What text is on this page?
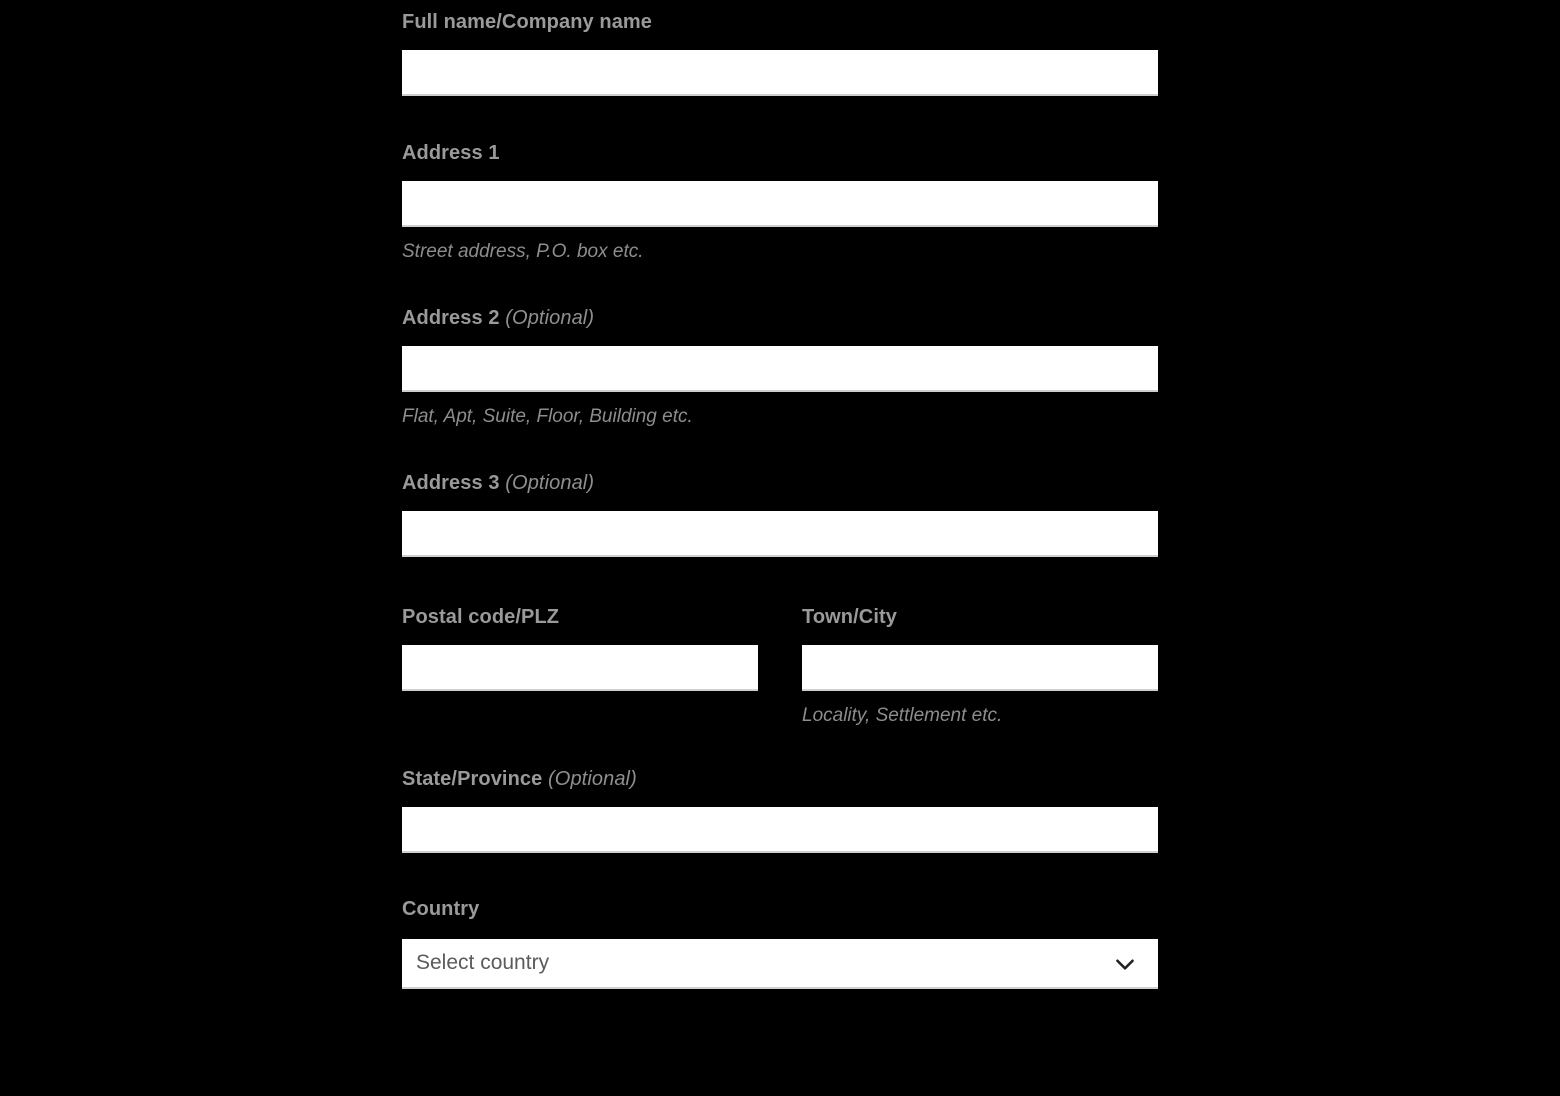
Full name/Company name
Address 1
Street address, P.O. box etc.
Address 2 (Optional)
Flat, Apt, Suite, Floor, Building etc.
Address 3 (Optional)
Postal code/PLZ	Town/City
Locality, Settlement etc.
State/Province (Optional)
Country
Select country
